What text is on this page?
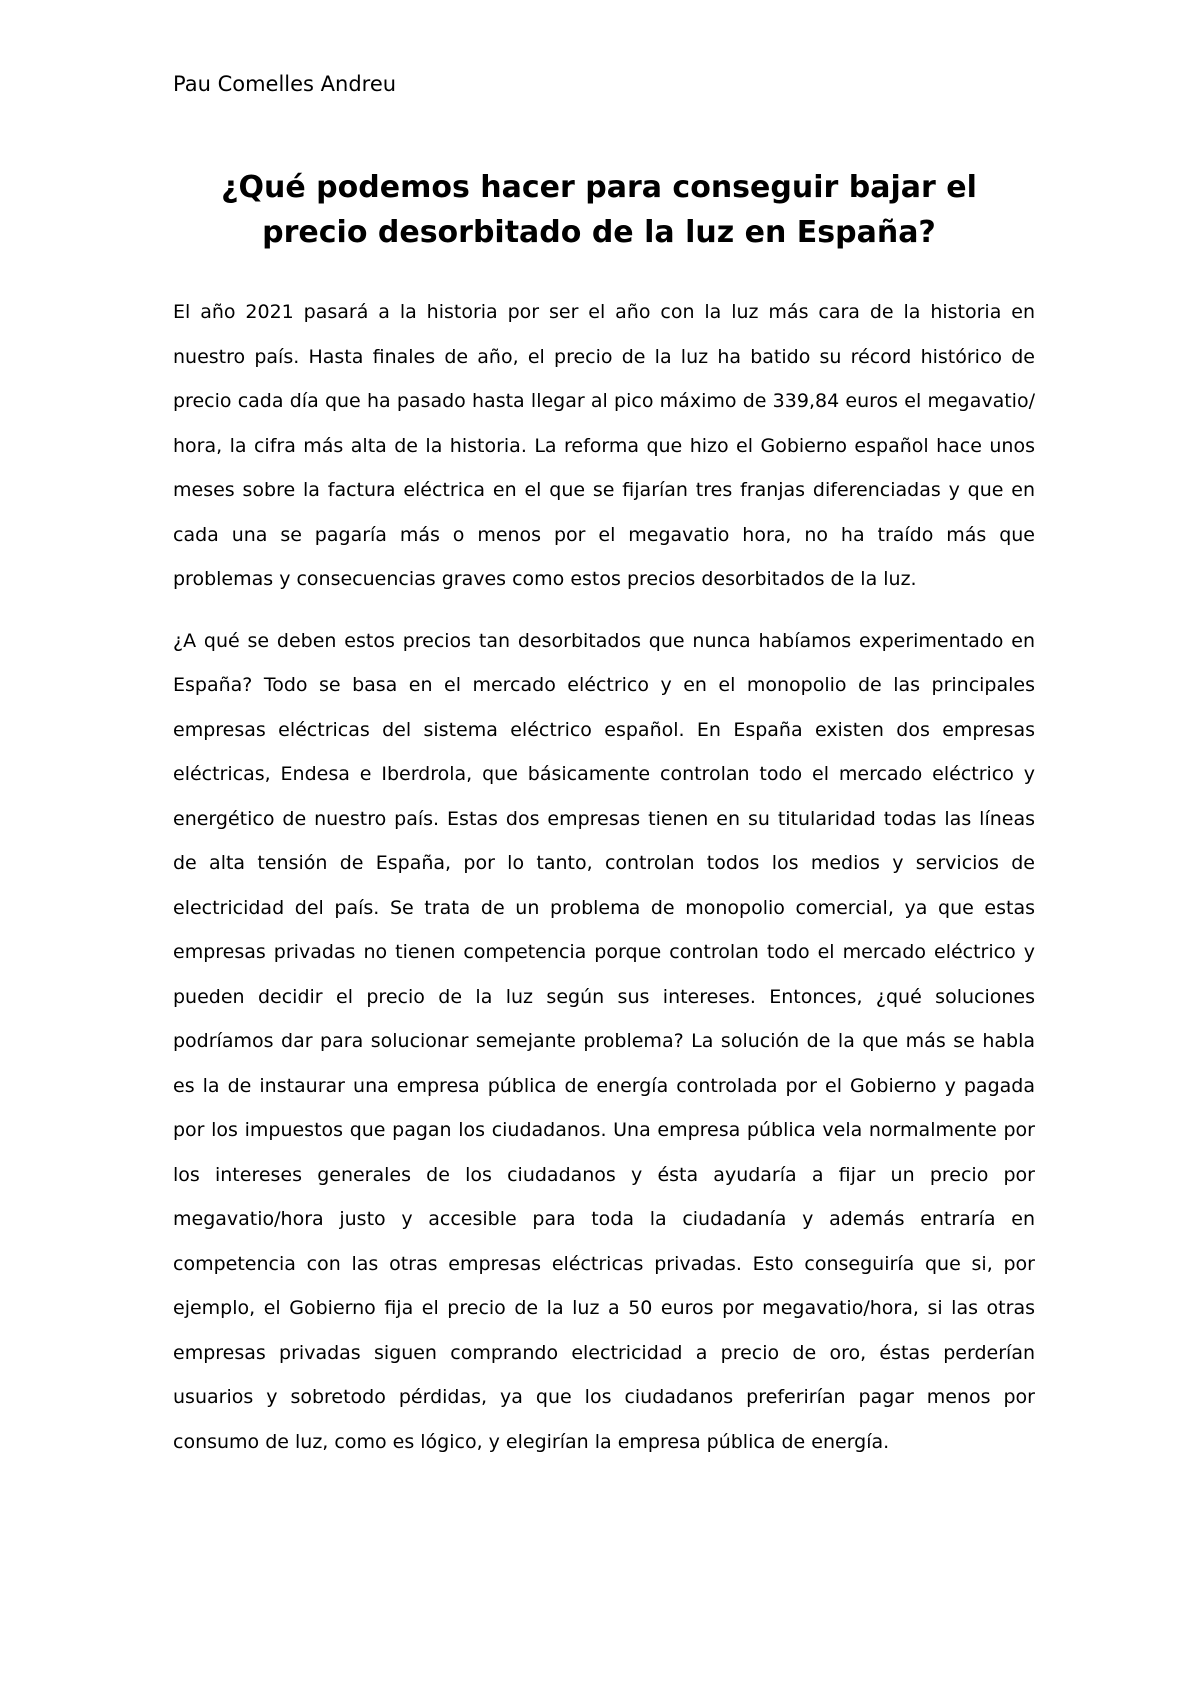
Pau Comelles Andreu
¿Qué podemos hacer para conseguir bajar el precio desorbitado de la luz en España?

El año 2021 pasará a la historia por ser el año con la luz más cara de la historia en nuestro país. Hasta finales de año, el precio de la luz ha batido su récord histórico de precio cada día que ha pasado hasta llegar al pico máximo de 339,84 euros el megavatio/ hora, la cifra más alta de la historia. La reforma que hizo el Gobierno español hace unos meses sobre la factura eléctrica en el que se fijarían tres franjas diferenciadas y que en cada una se pagaría más o menos por el megavatio hora, no ha traído más que problemas y consecuencias graves como estos precios desorbitados de la luz.

¿A qué se deben estos precios tan desorbitados que nunca habíamos experimentado en España? Todo se basa en el mercado eléctrico y en el monopolio de las principales empresas eléctricas del sistema eléctrico español. En España existen dos empresas eléctricas, Endesa e Iberdrola, que básicamente controlan todo el mercado eléctrico y energético de nuestro país. Estas dos empresas tienen en su titularidad todas las líneas de alta tensión de España, por lo tanto, controlan todos los medios y servicios de electricidad del país. Se trata de un problema de monopolio comercial, ya que estas empresas privadas no tienen competencia porque controlan todo el mercado eléctrico y pueden decidir el precio de la luz según sus intereses. Entonces, ¿qué soluciones podríamos dar para solucionar semejante problema? La solución de la que más se habla es la de instaurar una empresa pública de energía controlada por el Gobierno y pagada por los impuestos que pagan los ciudadanos. Una empresa pública vela normalmente por los intereses generales de los ciudadanos y ésta ayudaría a fijar un precio por megavatio/hora justo y accesible para toda la ciudadanía y además entraría en competencia con las otras empresas eléctricas privadas. Esto conseguiría que si, por ejemplo, el Gobierno fija el precio de la luz a 50 euros por megavatio/hora, si las otras empresas privadas siguen comprando electricidad a precio de oro, éstas perderían usuarios y sobretodo pérdidas, ya que los ciudadanos preferirían pagar menos por consumo de luz, como es lógico, y elegirían la empresa pública de energía.
